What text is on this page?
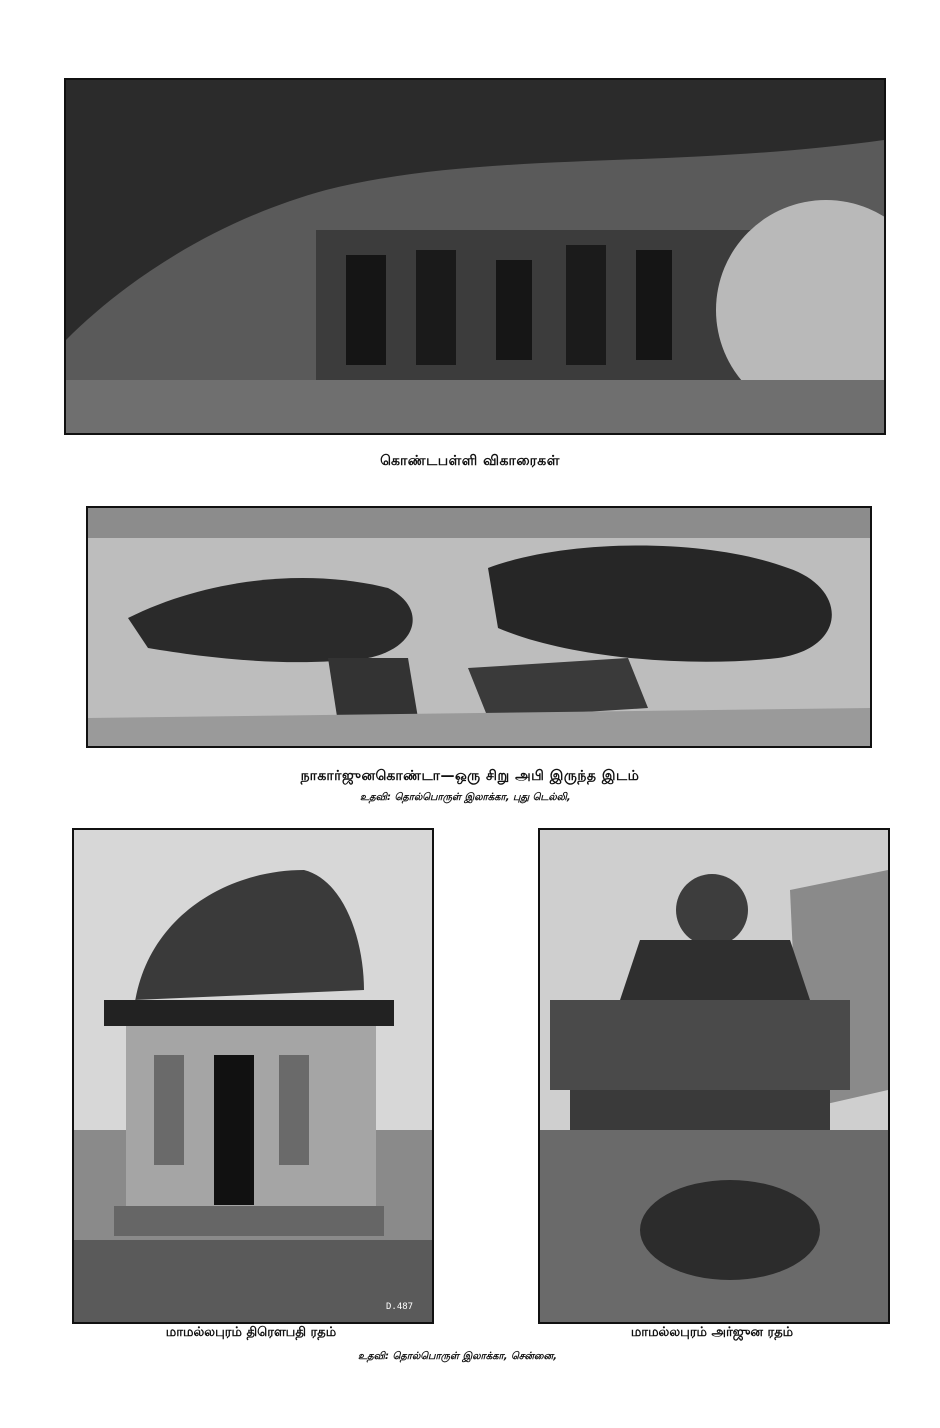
கொண்டபள்ளி விகாரைகள்
நாகார்ஜுனகொண்டா—ஒரு சிறு அபி இருந்த இடம்
உதவி: தொல்பொருள் இலாக்கா, புது டெல்லி,
D.487
மாமல்லபுரம் திரௌபதி ரதம்	மாமல்லபுரம் அர்ஜுன ரதம்
உதவி: தொல்பொருள் இலாக்கா, சென்னை,
